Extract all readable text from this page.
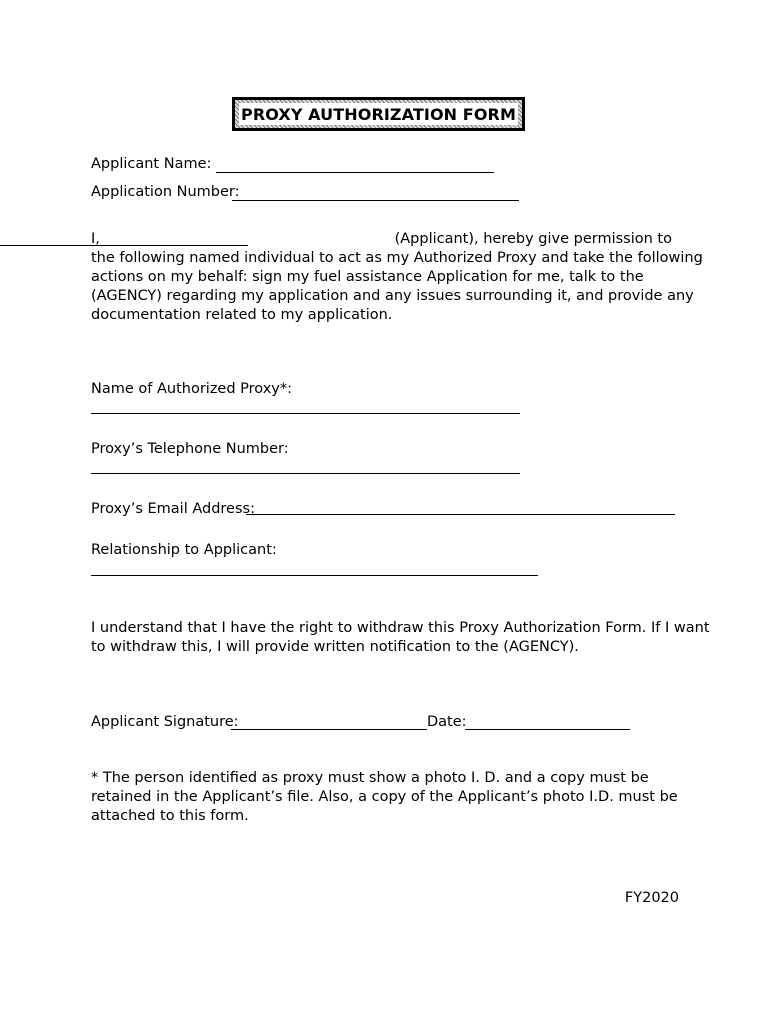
PROXY AUTHORIZATION FORM
Applicant Name:
Application Number:
I,	(Applicant), hereby give permission to
the following named individual to act as my Authorized Proxy and take the following
actions on my behalf: sign my fuel assistance Application for me, talk to the
(AGENCY) regarding my application and any issues surrounding it, and provide any
documentation related to my application.
Name of Authorized Proxy*:
Proxy’s Telephone Number:
Proxy’s Email Address:
Relationship to Applicant:
I understand that I have the right to withdraw this Proxy Authorization Form. If I want
to withdraw this, I will provide written notification to the (AGENCY).
Applicant Signature:	Date:
* The person identified as proxy must show a photo I. D. and a copy must be
retained in the Applicant’s file. Also, a copy of the Applicant’s photo I.D. must be
attached to this form.
FY2020
